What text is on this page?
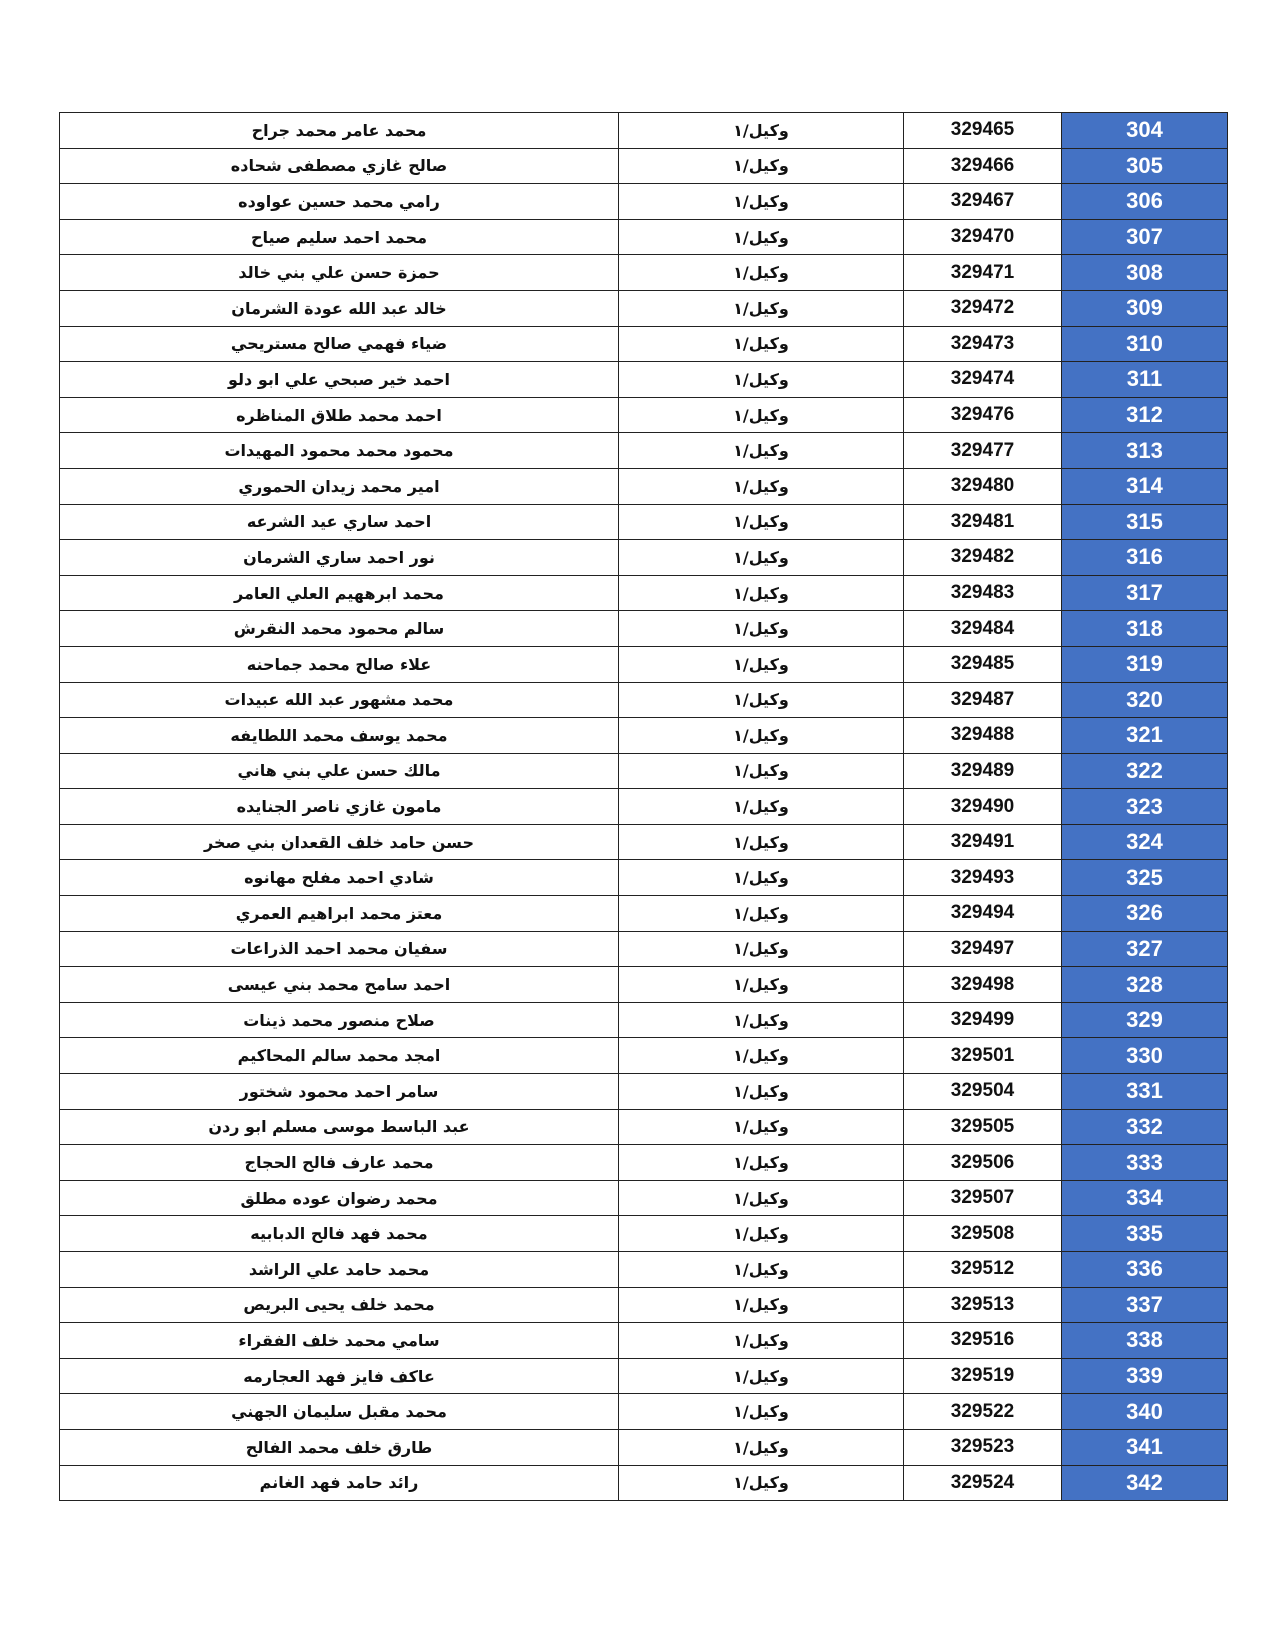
محمد عامر محمد جراح	وكيل/١	329465	304
صالح غازي مصطفى شحاده	وكيل/١	329466	305
رامي محمد حسين عواوده	وكيل/١	329467	306
محمد احمد سليم صياح	وكيل/١	329470	307
حمزة حسن علي بني خالد	وكيل/١	329471	308
خالد عبد الله عودة الشرمان	وكيل/١	329472	309
ضياء فهمي صالح مستريحي	وكيل/١	329473	310
احمد خير صبحي علي ابو دلو	وكيل/١	329474	311
احمد محمد طلاق المناظره	وكيل/١	329476	312
محمود محمد محمود المهيدات	وكيل/١	329477	313
امير محمد زيدان الحموري	وكيل/١	329480	314
احمد ساري عيد الشرعه	وكيل/١	329481	315
نور احمد ساري الشرمان	وكيل/١	329482	316
محمد ابرههيم العلي العامر	وكيل/١	329483	317
سالم محمود محمد النقرش	وكيل/١	329484	318
علاء صالح محمد جماحنه	وكيل/١	329485	319
محمد مشهور عبد الله عبيدات	وكيل/١	329487	320
محمد يوسف محمد اللطايفه	وكيل/١	329488	321
مالك حسن علي بني هاني	وكيل/١	329489	322
مامون غازي ناصر الجنايده	وكيل/١	329490	323
حسن حامد خلف القعدان بني صخر	وكيل/١	329491	324
شادي احمد مفلح مهانوه	وكيل/١	329493	325
معتز محمد ابراهيم العمري	وكيل/١	329494	326
سفيان محمد احمد الذراعات	وكيل/١	329497	327
احمد سامح محمد بني عيسى	وكيل/١	329498	328
صلاح منصور محمد ذينات	وكيل/١	329499	329
امجد محمد سالم المحاكيم	وكيل/١	329501	330
سامر احمد محمود شختور	وكيل/١	329504	331
عبد الباسط موسى مسلم ابو ردن	وكيل/١	329505	332
محمد عارف فالح الحجاج	وكيل/١	329506	333
محمد رضوان عوده مطلق	وكيل/١	329507	334
محمد فهد فالح الدبابيه	وكيل/١	329508	335
محمد حامد علي الراشد	وكيل/١	329512	336
محمد خلف يحيى البريص	وكيل/١	329513	337
سامي محمد خلف الفقراء	وكيل/١	329516	338
عاكف فايز فهد العجارمه	وكيل/١	329519	339
محمد مقبل سليمان الجهني	وكيل/١	329522	340
طارق خلف محمد الفالح	وكيل/١	329523	341
رائد حامد فهد الغانم	وكيل/١	329524	342
